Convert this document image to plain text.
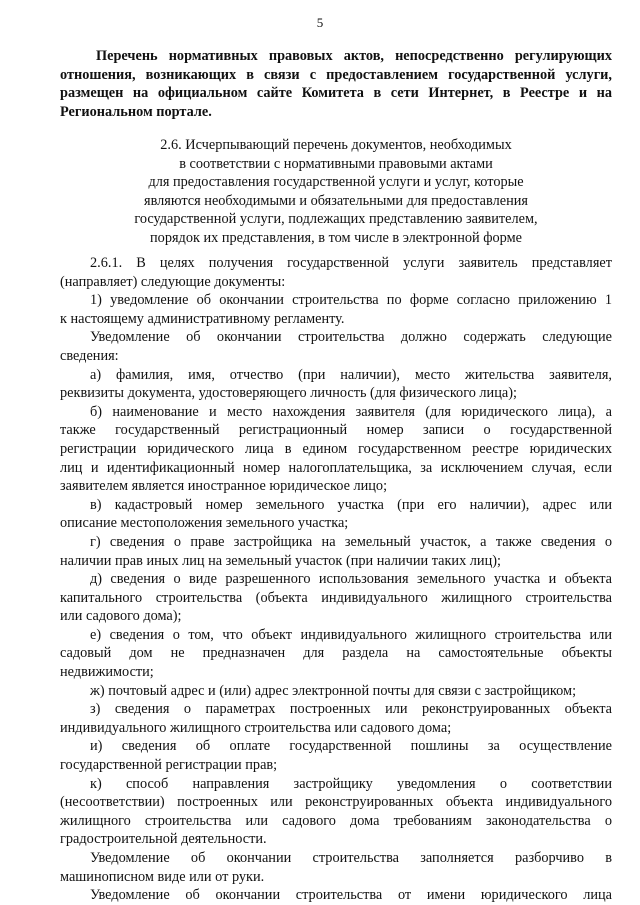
5
Перечень нормативных правовых актов, непосредственно регулирующих
отношения, возникающих в связи с предоставлением государственной услуги,
размещен на официальном сайте Комитета в сети Интернет, в Реестре и на
Региональном портале.
2.6. Исчерпывающий перечень документов, необходимых
в соответствии с нормативными правовыми актами
для предоставления государственной услуги и услуг, которые
являются необходимыми и обязательными для предоставления
государственной услуги, подлежащих представлению заявителем,
порядок их представления, в том числе в электронной форме
2.6.1. В целях получения государственной услуги заявитель представляет
(направляет) следующие документы:
1) уведомление об окончании строительства по форме согласно приложению 1
к настоящему административному регламенту.
Уведомление об окончании строительства должно содержать следующие
сведения:
а) фамилия, имя, отчество (при наличии), место жительства заявителя,
реквизиты документа, удостоверяющего личность (для физического лица);
б) наименование и место нахождения заявителя (для юридического лица), а
также государственный регистрационный номер записи о государственной
регистрации юридического лица в едином государственном реестре юридических
лиц и идентификационный номер налогоплательщика, за исключением случая, если
заявителем является иностранное юридическое лицо;
в) кадастровый номер земельного участка (при его наличии), адрес или
описание местоположения земельного участка;
г) сведения о праве застройщика на земельный участок, а также сведения о
наличии прав иных лиц на земельный участок (при наличии таких лиц);
д) сведения о виде разрешенного использования земельного участка и объекта
капитального строительства (объекта индивидуального жилищного строительства
или садового дома);
е) сведения о том, что объект индивидуального жилищного строительства или
садовый дом не предназначен для раздела на самостоятельные объекты
недвижимости;
ж) почтовый адрес и (или) адрес электронной почты для связи с застройщиком;
з) сведения о параметрах построенных или реконструированных объекта
индивидуального жилищного строительства или садового дома;
и) сведения об оплате государственной пошлины за осуществление
государственной регистрации прав;
к) способ направления застройщику уведомления о соответствии
(несоответствии) построенных или реконструированных объекта индивидуального
жилищного строительства или садового дома требованиям законодательства о
градостроительной деятельности.
Уведомление об окончании строительства заполняется разборчиво в
машинописном виде или от руки.
Уведомление об окончании строительства от имени юридического лица
